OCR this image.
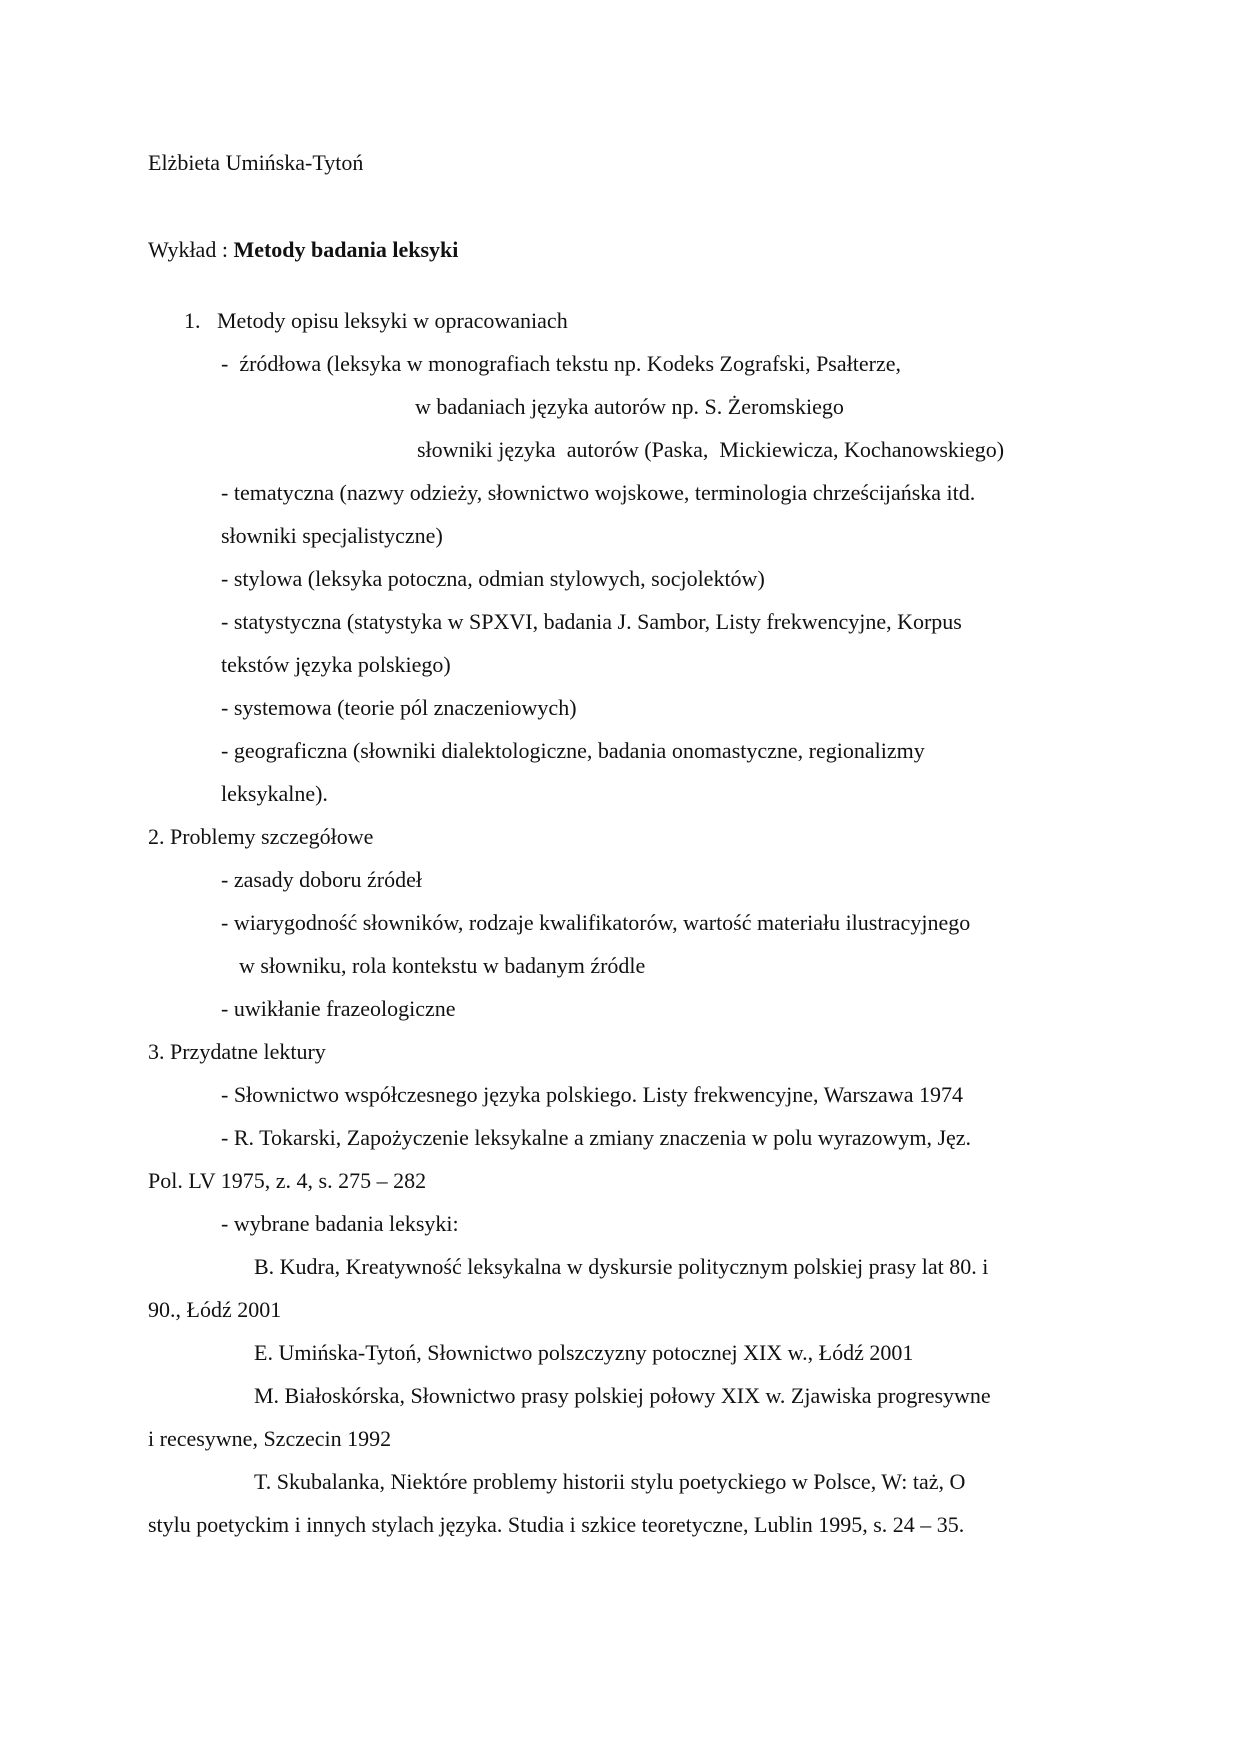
Elżbieta Umińska-Tytoń
Wykład : Metody badania leksyki
1.   Metody opisu leksyki w opracowaniach
-  źródłowa (leksyka w monografiach tekstu np. Kodeks Zografski, Psałterze,
w badaniach języka autorów np. S. Żeromskiego
słowniki języka  autorów (Paska,  Mickiewicza, Kochanowskiego)
- tematyczna (nazwy odzieży, słownictwo wojskowe, terminologia chrześcijańska itd.
słowniki specjalistyczne)
- stylowa (leksyka potoczna, odmian stylowych, socjolektów)
- statystyczna (statystyka w SPXVI, badania J. Sambor, Listy frekwencyjne, Korpus
tekstów języka polskiego)
- systemowa (teorie pól znaczeniowych)
- geograficzna (słowniki dialektologiczne, badania onomastyczne, regionalizmy
leksykalne).
2. Problemy szczegółowe
- zasady doboru źródeł
- wiarygodność słowników, rodzaje kwalifikatorów, wartość materiału ilustracyjnego
w słowniku, rola kontekstu w badanym źródle
- uwikłanie frazeologiczne
3. Przydatne lektury
- Słownictwo współczesnego języka polskiego. Listy frekwencyjne, Warszawa 1974
- R. Tokarski, Zapożyczenie leksykalne a zmiany znaczenia w polu wyrazowym, Jęz.
Pol. LV 1975, z. 4, s. 275 – 282
- wybrane badania leksyki:
B. Kudra, Kreatywność leksykalna w dyskursie politycznym polskiej prasy lat 80. i
90., Łódź 2001
E. Umińska-Tytoń, Słownictwo polszczyzny potocznej XIX w., Łódź 2001
M. Białoskórska, Słownictwo prasy polskiej połowy XIX w. Zjawiska progresywne
i recesywne, Szczecin 1992
T. Skubalanka, Niektóre problemy historii stylu poetyckiego w Polsce, W: taż, O
stylu poetyckim i innych stylach języka. Studia i szkice teoretyczne, Lublin 1995, s. 24 – 35.
